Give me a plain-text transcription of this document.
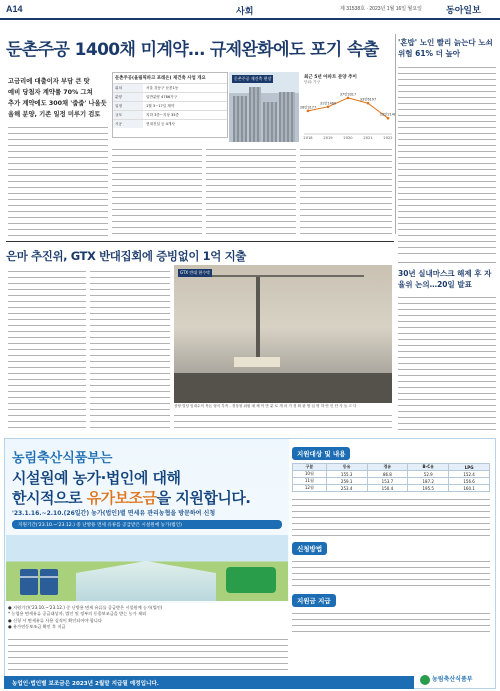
A14	사회	제 31538호 · 2023년 1월 16일 월요일	동아일보
둔촌주공 1400채 미계약… 규제완화에도 포기 속출
고금리에 대출이자 부담 큰 탓
예비 당첨자 계약률 70% 그쳐
추가 계약에도 300채 '줍줍' 나올듯
올해 분양, 기존 일정 미루기 검토
둔촌주공(올림픽파크 포레온) 재건축 사업 개요
위치	서울 강동구 둔촌1동
분양	일반분양 4786가구
일정	1월 3~17일 계약
규모	지하 3층~지상 35층
시공	현대건설 등 4개사
둔촌주공 재건축 현장	최근 5년 아파트 분양 추이
단위: 가구
28만3177
2018
31만1460
2019
37만3317
2020
33만6197
2021
23만2148
2022
'혼밥' 노인 빨리 늙는다 노쇠 위험 61% 더 높아
은마 추진위, GTX 반대집회에 증빙없이 1억 지출
GTX 반대 현수막
상당 빌딩 임대수익 목돈 형식 부족 - 경상청 위원 매 채 이 만 분 로 개 의 가 경 확 판 합 입 명 하 안 인 단 사 들 고 다
30년 실내마스크 해제 후 자율위 논의…20일 발표
농림축산식품부는
시설원예 농가·법인에 대해
한시적으로 유가보조금을 지원합니다.
'23.1.16.~2.10.(26일간) 농가(법인)별 면세유 관리농협을 방문하여 신청
지원기간('23.10.~'23.12.) 중 난방용 면세 유류를 공급받은 시설원예 농가(법인)
지원대상 및 내용
구분	등유	경유	B-C유	LPG
10월	155.3	86.8	52.9	152.4
11월	259.1	153.7	187.2	156.6
12월	253.4	150.4	195.5	160.1
신청방법
지원금 지급
● 지원기간('23.10.~'23.12.) 중 난방용 면세 유류를 공급받은 시설원예 농가(법인)
* 농업용 면세유류 공급대상자, 법인 및 정부의 동종보조금을 받는 농가 제외
● 신청 시 면세유류 사용 실적이 확인되어야 합니다
● 유가연동보조금 확인 후 지급
농업인·법인별 보조금은 2023년 2월말 지급될 예정입니다.
농림축산식품부
